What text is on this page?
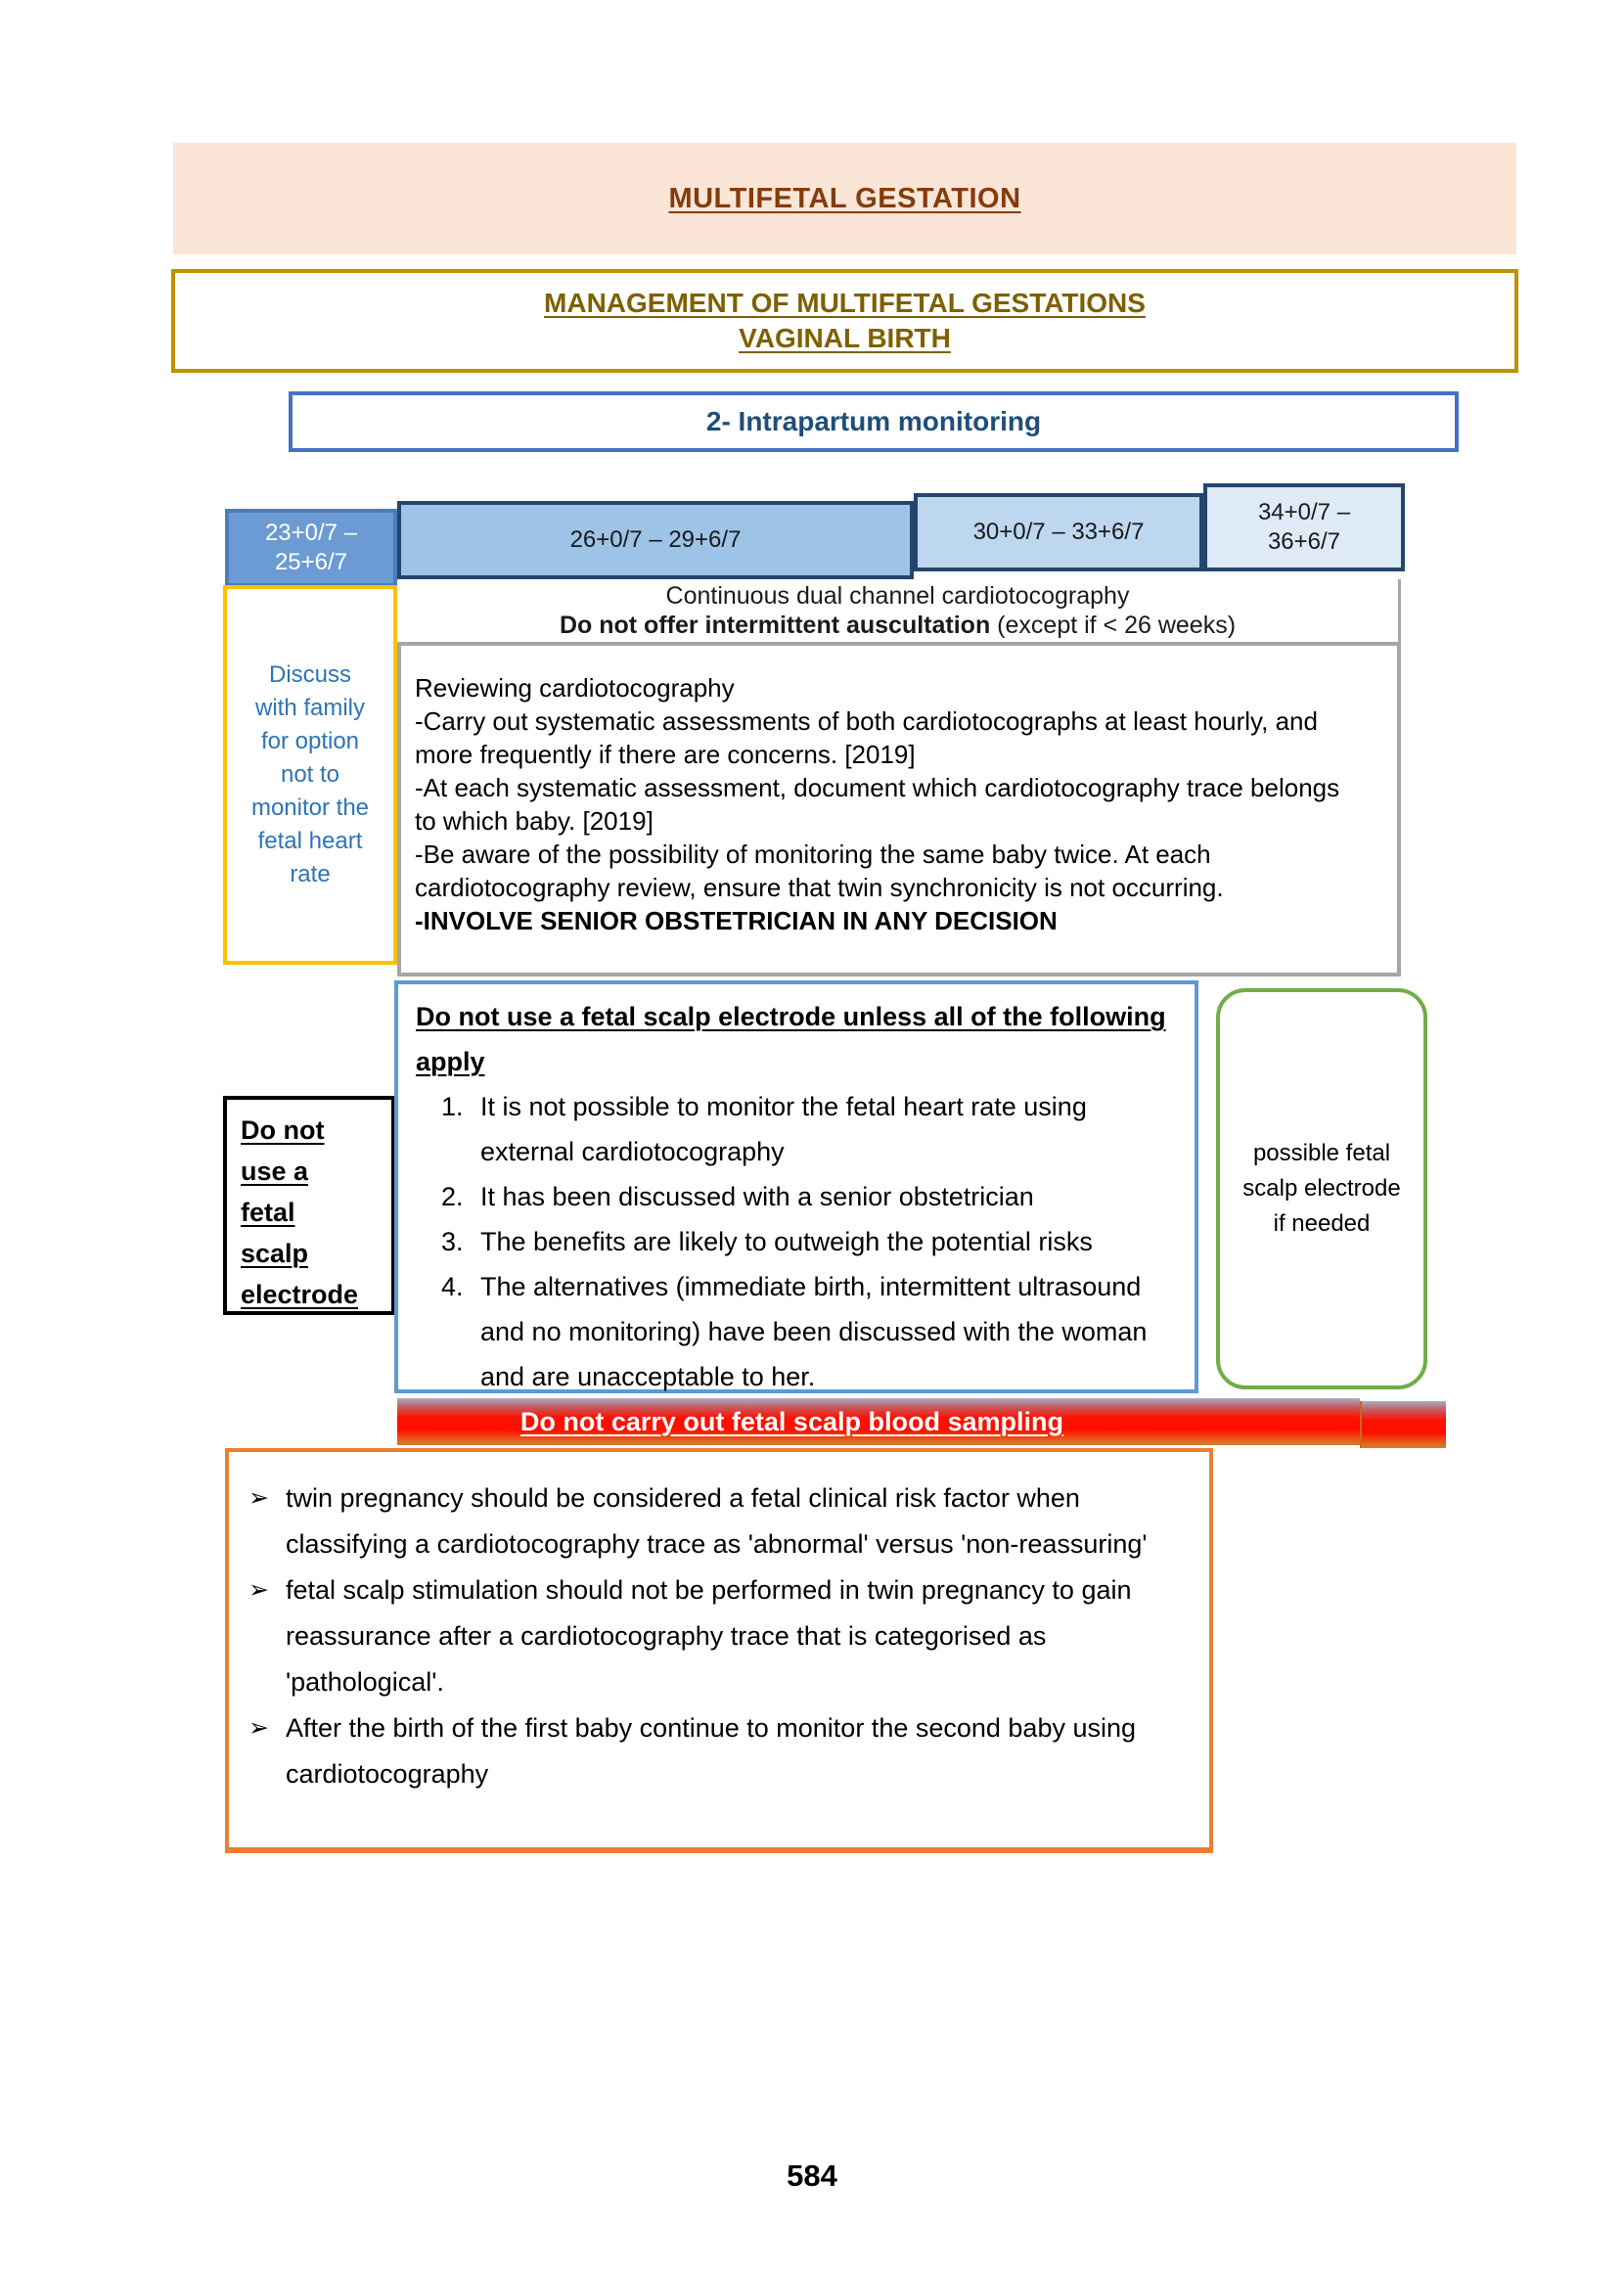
MULTIFETAL GESTATION
MANAGEMENT OF MULTIFETAL GESTATIONS
VAGINAL BIRTH
2- Intrapartum monitoring
23+0/7 – 25+6/7
26+0/7 – 29+6/7	30+0/7 – 33+6/7
34+0/7 – 36+6/7
Continuous dual channel cardiotocography
Do not offer intermittent auscultation (except if < 26 weeks)
Discuss with family for option not to monitor the fetal heart rate
Reviewing cardiotocography
-Carry out systematic assessments of both cardiotocographs at least hourly, and more frequently if there are concerns. [2019]
-At each systematic assessment, document which cardiotocography trace belongs to which baby. [2019]
-Be aware of the possibility of monitoring the same baby twice. At each cardiotocography review, ensure that twin synchronicity is not occurring.
-INVOLVE SENIOR OBSTETRICIAN IN ANY DECISION
Do not use a fetal scalp electrode
Do not use a fetal scalp electrode unless all of the following apply
1. It is not possible to monitor the fetal heart rate using external cardiotocography
2. It has been discussed with a senior obstetrician
3. The benefits are likely to outweigh the potential risks
4. The alternatives (immediate birth, intermittent ultrasound and no monitoring) have been discussed with the woman and are unacceptable to her.
possible fetal scalp electrode if needed
Do not carry out fetal scalp blood sampling
➢ twin pregnancy should be considered a fetal clinical risk factor when classifying a cardiotocography trace as 'abnormal' versus 'non-reassuring'
➢ fetal scalp stimulation should not be performed in twin pregnancy to gain reassurance after a cardiotocography trace that is categorised as 'pathological'.
➢ After the birth of the first baby continue to monitor the second baby using cardiotocography
584
